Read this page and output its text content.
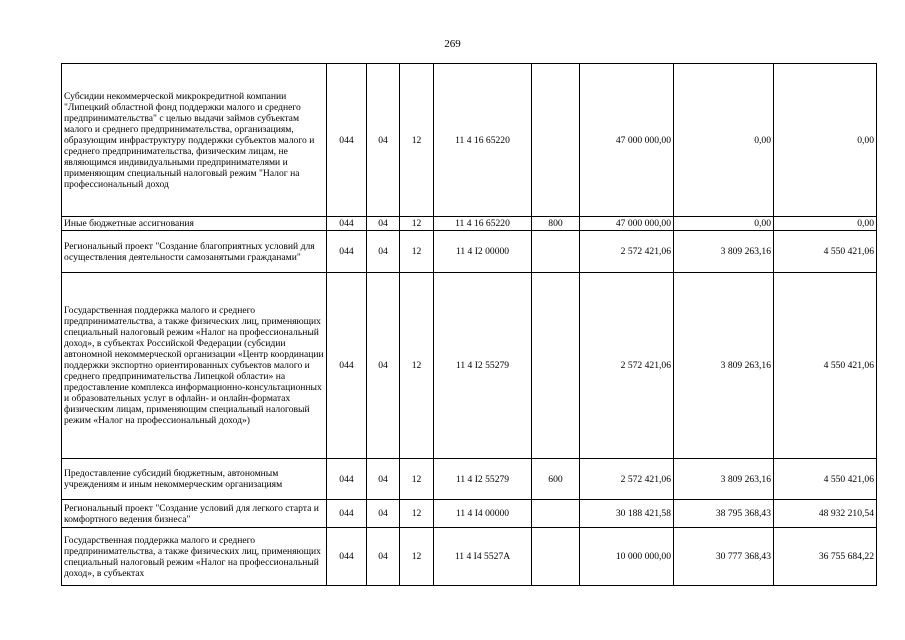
269
Субсидии некоммерческой микрокредитной компании "Липецкий областной фонд поддержки малого и среднего предпринимательства" с целью выдачи займов субъектам малого и среднего предпринимательства, организациям, образующим инфраструктуру поддержки субъектов малого и среднего предпринимательства, физическим лицам, не являющимся индивидуальными предпринимателями и применяющим специальный налоговый режим "Налог на профессиональный доход	044	04	12	11 4 16 65220		47 000 000,00	0,00	0,00
Иные бюджетные ассигнования	044	04	12	11 4 16 65220	800	47 000 000,00	0,00	0,00
Региональный проект "Создание благоприятных условий для осуществления деятельности самозанятыми гражданами"	044	04	12	11 4 I2 00000		2 572 421,06	3 809 263,16	4 550 421,06
Государственная поддержка малого и среднего предпринимательства, а также физических лиц, применяющих специальный налоговый режим «Налог на профессиональный доход», в субъектах Российской Федерации (субсидии автономной некоммерческой организации «Центр координации поддержки экспортно ориентированных субъектов малого и среднего предпринимательства Липецкой области» на предоставление комплекса информационно-консультационных и образовательных услуг в офлайн- и онлайн-форматах физическим лицам, применяющим специальный налоговый режим «Налог на профессиональный доход»)	044	04	12	11 4 I2 55279		2 572 421,06	3 809 263,16	4 550 421,06
Предоставление субсидий бюджетным, автономным учреждениям и иным некоммерческим организациям	044	04	12	11 4 I2 55279	600	2 572 421,06	3 809 263,16	4 550 421,06
Региональный проект "Создание условий для легкого старта и комфортного ведения бизнеса"	044	04	12	11 4 I4 00000		30 188 421,58	38 795 368,43	48 932 210,54
Государственная поддержка малого и среднего предпринимательства, а также физических лиц, применяющих специальный налоговый режим «Налог на профессиональный доход», в субъектах	044	04	12	11 4 I4 5527А		10 000 000,00	30 777 368,43	36 755 684,22
